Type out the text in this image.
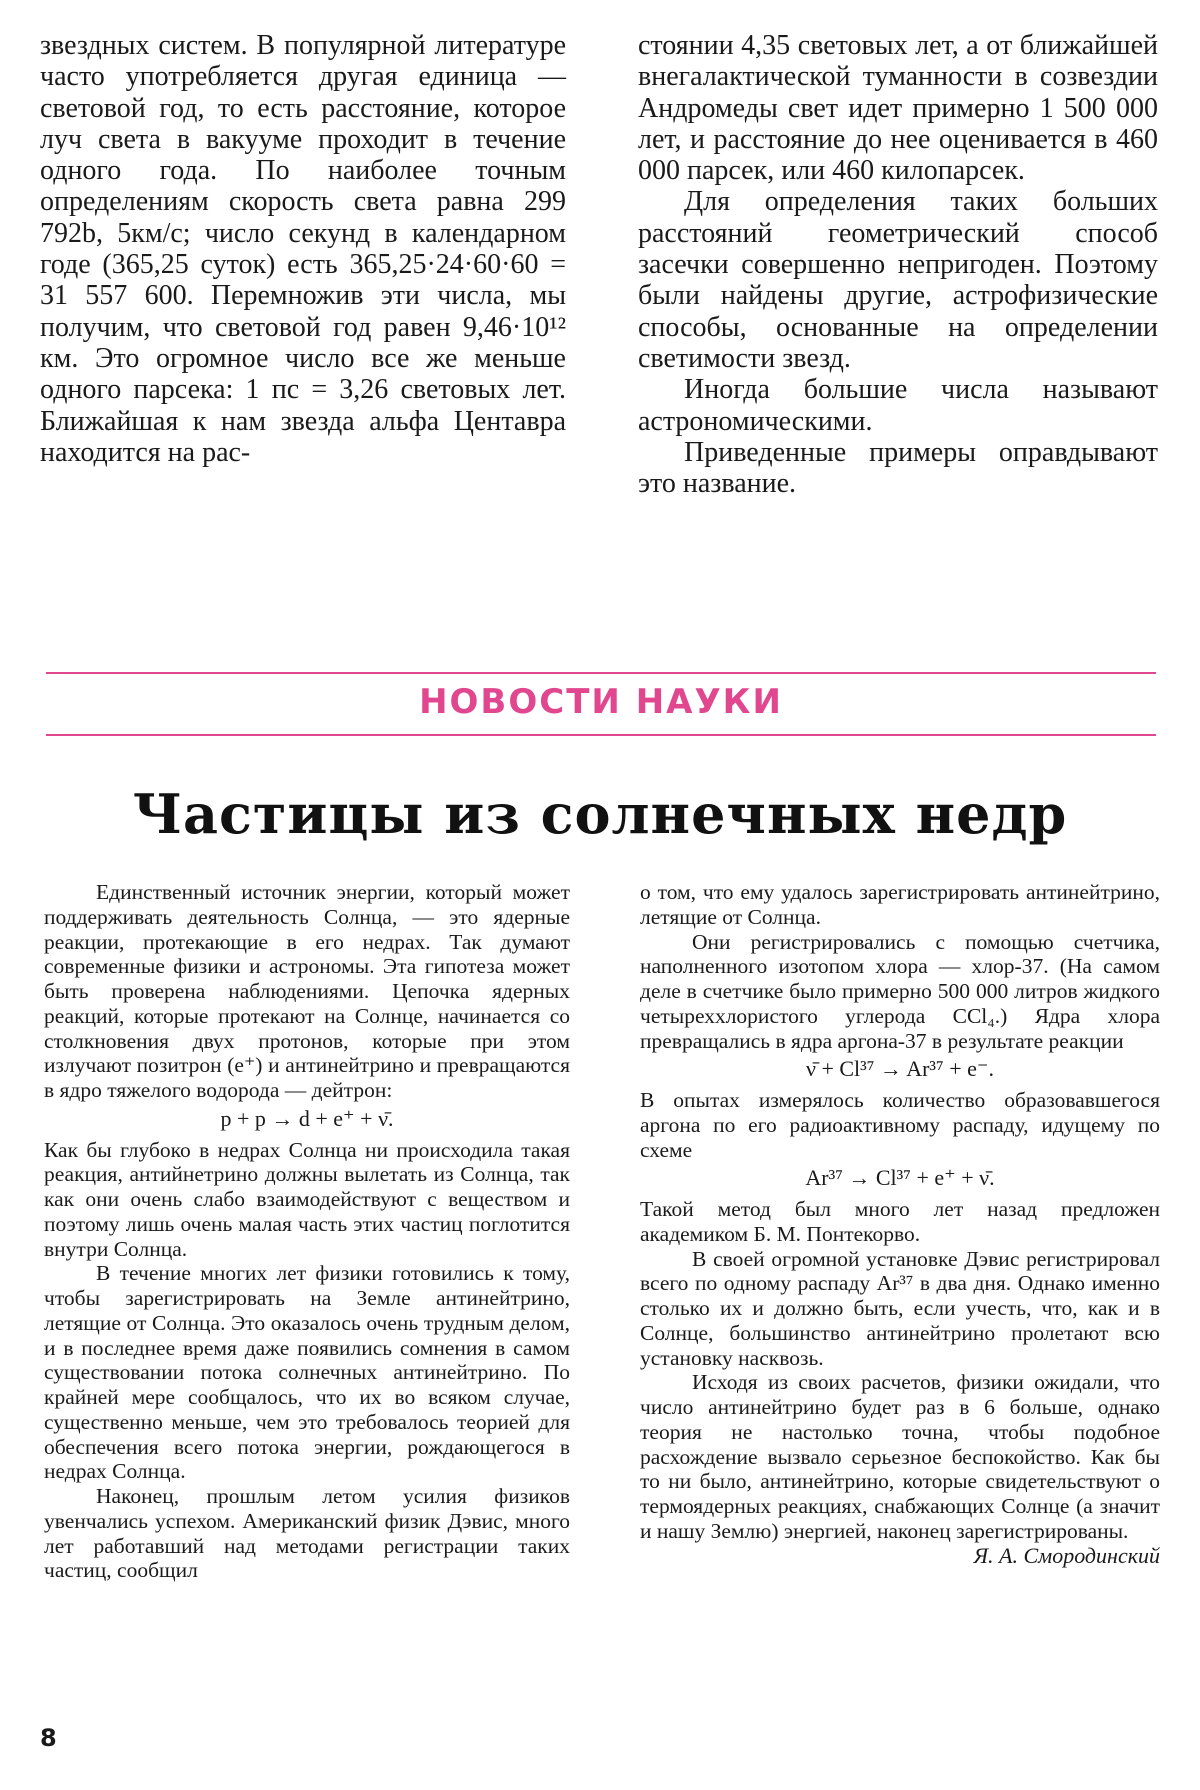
звездных систем. В популярной литературе часто употребляется другая единица — световой год, то есть расстояние, которое луч света в вакууме проходит в течение одного года. По наиболее точным определениям скорость света равна 299 792b, 5км/с; число секунд в календарном годе (365,25 суток) есть 365,25·24·60·60 = 31 557 600. Перемножив эти числа, мы получим, что световой год равен 9,46·10¹² км. Это огромное число все же меньше одного парсека: 1 пс = 3,26 световых лет. Ближайшая к нам звезда альфа Центавра находится на рас-

стоянии 4,35 световых лет, а от ближайшей внегалактической туманности в созвездии Андромеды свет идет примерно 1 500 000 лет, и расстояние до нее оценивается в 460 000 парсек, или 460 килопарсек.

Для определения таких больших расстояний геометрический способ засечки совершенно непригоден. Поэтому были найдены другие, астрофизические способы, основанные на определении светимости звезд.

Иногда большие числа называют астрономическими.

Приведенные примеры оправдывают это название.

НОВОСТИ НАУКИ
Частицы из солнечных недр

Единственный источник энергии, который может поддерживать деятельность Солнца, — это ядерные реакции, протекающие в его недрах. Так думают современные физики и астрономы. Эта гипотеза может быть проверена наблюдениями. Цепочка ядерных реакций, которые протекают на Солнце, начинается со столкновения двух протонов, которые при этом излучают позитрон (e⁺) и антинейтрино и превращаются в ядро тяжелого водорода — дейтрон:

p + p → d + e⁺ + ν̄.

Как бы глубоко в недрах Солнца ни происходила такая реакция, антийнетрино должны вылетать из Солнца, так как они очень слабо взаимодействуют с веществом и поэтому лишь очень малая часть этих частиц поглотится внутри Солнца.

В течение многих лет физики готовились к тому, чтобы зарегистрировать на Земле антинейтрино, летящие от Солнца. Это оказалось очень трудным делом, и в последнее время даже появились сомнения в самом существовании потока солнечных антинейтрино. По крайней мере сообщалось, что их во всяком случае, существенно меньше, чем это требовалось теорией для обеспечения всего потока энергии, рождающегося в недрах Солнца.

Наконец, прошлым летом усилия физиков увенчались успехом. Американский физик Дэвис, много лет работавший над методами регистрации таких частиц, сообщил

о том, что ему удалось зарегистрировать антинейтрино, летящие от Солнца.

Они регистрировались с помощью счетчика, наполненного изотопом хлора — хлор-37. (На самом деле в счетчике было примерно 500 000 литров жидкого четыреххлористого углерода CCl₄.) Ядра хлора превращались в ядра аргона-37 в результате реакции

ν̄ + Cl³⁷ → Ar³⁷ + e⁻.

В опытах измерялось количество образовавшегося аргона по его радиоактивному распаду, идущему по схеме

Ar³⁷ → Cl³⁷ + e⁺ + ν̄.

Такой метод был много лет назад предложен академиком Б. М. Понтекорво.

В своей огромной установке Дэвис регистрировал всего по одному распаду Ar³⁷ в два дня. Однако именно столько их и должно быть, если учесть, что, как и в Солнце, большинство антинейтрино пролетают всю установку насквозь.

Исходя из своих расчетов, физики ожидали, что число антинейтрино будет раз в 6 больше, однако теория не настолько точна, чтобы подобное расхождение вызвало серьезное беспокойство. Как бы то ни было, антинейтрино, которые свидетельствуют о термоядерных реакциях, снабжающих Солнце (а значит и нашу Землю) энергией, наконец зарегистрированы.

Я. А. Смородинский

8
